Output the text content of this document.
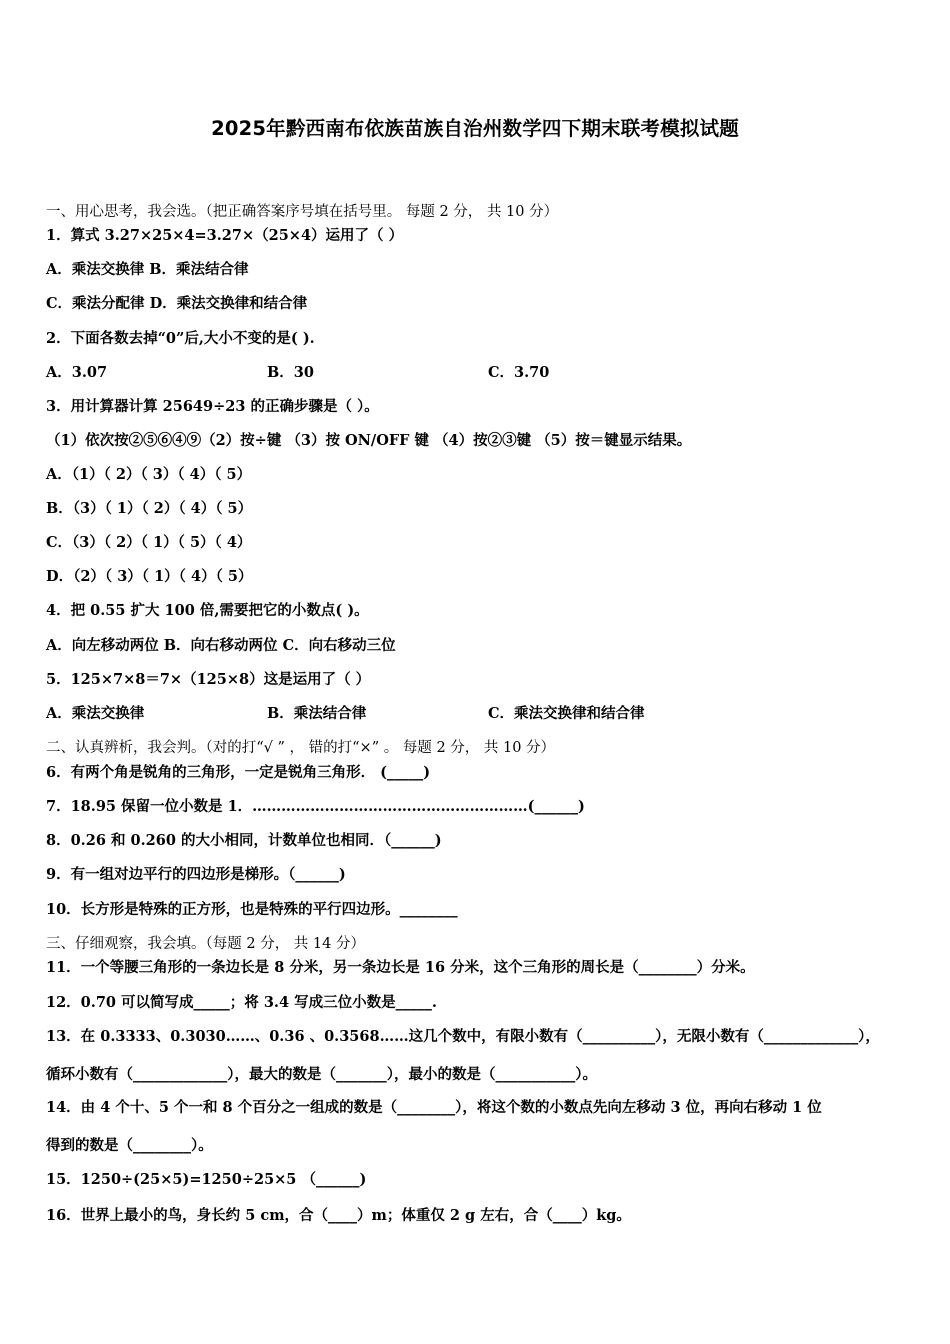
2025年黔西南布依族苗族自治州数学四下期末联考模拟试题
一、用心思考，我会选。（把正确答案序号填在括号里。 每题 2 分， 共 10 分）
1．算式 3.27×25×4=3.27×（25×4）运用了（ ）
A．乘法交换律 B．乘法结合律
C．乘法分配律 D．乘法交换律和结合律
2．下面各数去掉“0”后,大小不变的是( ).
A．3.07	B．30	C．3.70
3．用计算器计算 25649÷23 的正确步骤是（ ）。
（1）依次按②⑤⑥④⑨（2）按÷键 （3）按 ON/OFF 键 （4）按②③键 （5）按＝键显示结果。
A．（1）（ 2）（ 3）（ 4）（ 5）
B．（3）（ 1）（ 2）（ 4）（ 5）
C．（3）（ 2）（ 1）（ 5）（ 4）
D．（2）（ 3）（ 1）（ 4）（ 5）
4．把 0.55 扩大 100 倍,需要把它的小数点( )。
A．向左移动两位 B．向右移动两位 C．向右移动三位
5．125×7×8＝7×（125×8）这是运用了（ ）
A．乘法交换律	B．乘法结合律	C．乘法交换律和结合律
二、认真辨析，我会判。（对的打“√ ” ， 错的打“×” 。 每题 2 分， 共 10 分）
6．有两个角是锐角的三角形，一定是锐角三角形． (_____)
7．18.95 保留一位小数是 1．…………………………………………………(______)
8．0.26 和 0.260 的大小相同，计数单位也相同．（______)
9．有一组对边平行的四边形是梯形。（______)
10．长方形是特殊的正方形，也是特殊的平行四边形。________
三、仔细观察，我会填。（每题 2 分， 共 14 分）
11．一个等腰三角形的一条边长是 8 分米，另一条边长是 16 分米，这个三角形的周长是（________）分米。
12．0.70 可以简写成_____；将 3.4 写成三位小数是_____.
13．在 0.3333、0.3030……、0.36 、0.3568……这几个数中，有限小数有（__________），无限小数有（_____________），
循环小数有（_____________），最大的数是（_______），最小的数是（___________）。
14．由 4 个十、5 个一和 8 个百分之一组成的数是（________），将这个数的小数点先向左移动 3 位，再向右移动 1 位
得到的数是（________）。
15．1250÷(25×5)=1250÷25×5 （______)
16．世界上最小的鸟，身长约 5 cm，合（____）m；体重仅 2 g 左右，合（____）kg。
